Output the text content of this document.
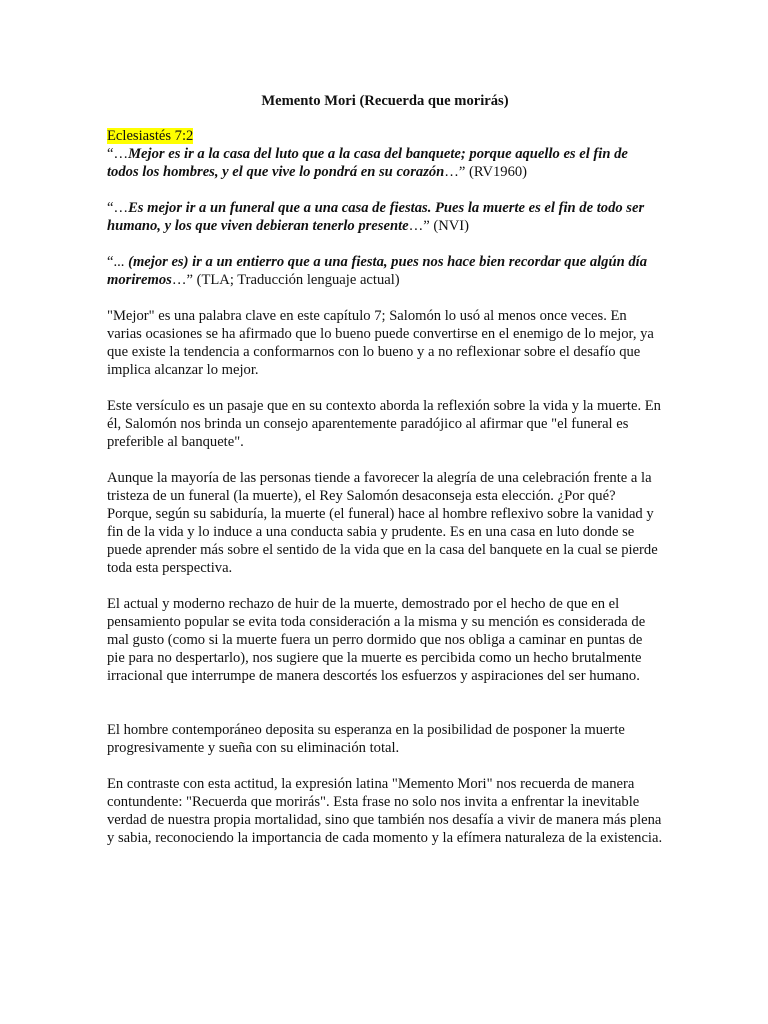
Memento Mori (Recuerda que morirás)
Eclesiastés 7:2
“…Mejor es ir a la casa del luto que a la casa del banquete; porque aquello es el fin de todos los hombres, y el que vive lo pondrá en su corazón…” (RV1960)
“…Es mejor ir a un funeral que a una casa de fiestas. Pues la muerte es el fin de todo ser humano, y los que viven debieran tenerlo presente…” (NVI)
“... (mejor es) ir a un entierro que a una fiesta, pues nos hace bien recordar que algún día moriremos…” (TLA; Traducción lenguaje actual)

"Mejor" es una palabra clave en este capítulo 7; Salomón lo usó al menos once veces. En varias ocasiones se ha afirmado que lo bueno puede convertirse en el enemigo de lo mejor, ya que existe la tendencia a conformarnos con lo bueno y a no reflexionar sobre el desafío que implica alcanzar lo mejor.

Este versículo es un pasaje que en su contexto aborda la reflexión sobre la vida y la muerte. En él, Salomón nos brinda un consejo aparentemente paradójico al afirmar que "el funeral es preferible al banquete".

Aunque la mayoría de las personas tiende a favorecer la alegría de una celebración frente a la tristeza de un funeral (la muerte), el Rey Salomón desaconseja esta elección. ¿Por qué? Porque, según su sabiduría, la muerte (el funeral) hace al hombre reflexivo sobre la vanidad y fin de la vida y lo induce a una conducta sabia y prudente. Es en una casa en luto donde se puede aprender más sobre el sentido de la vida que en la casa del banquete en la cual se pierde toda esta perspectiva.

El actual y moderno rechazo de huir de la muerte, demostrado por el hecho de que en el pensamiento popular se evita toda consideración a la misma y su mención es considerada de mal gusto (como si la muerte fuera un perro dormido que nos obliga a caminar en puntas de pie para no despertarlo), nos sugiere que la muerte es percibida como un hecho brutalmente irracional que interrumpe de manera descortés los esfuerzos y aspiraciones del ser humano.

El hombre contemporáneo deposita su esperanza en la posibilidad de posponer la muerte progresivamente y sueña con su eliminación total.

En contraste con esta actitud, la expresión latina "Memento Mori" nos recuerda de manera contundente: "Recuerda que morirás". Esta frase no solo nos invita a enfrentar la inevitable verdad de nuestra propia mortalidad, sino que también nos desafía a vivir de manera más plena y sabia, reconociendo la importancia de cada momento y la efímera naturaleza de la existencia.
